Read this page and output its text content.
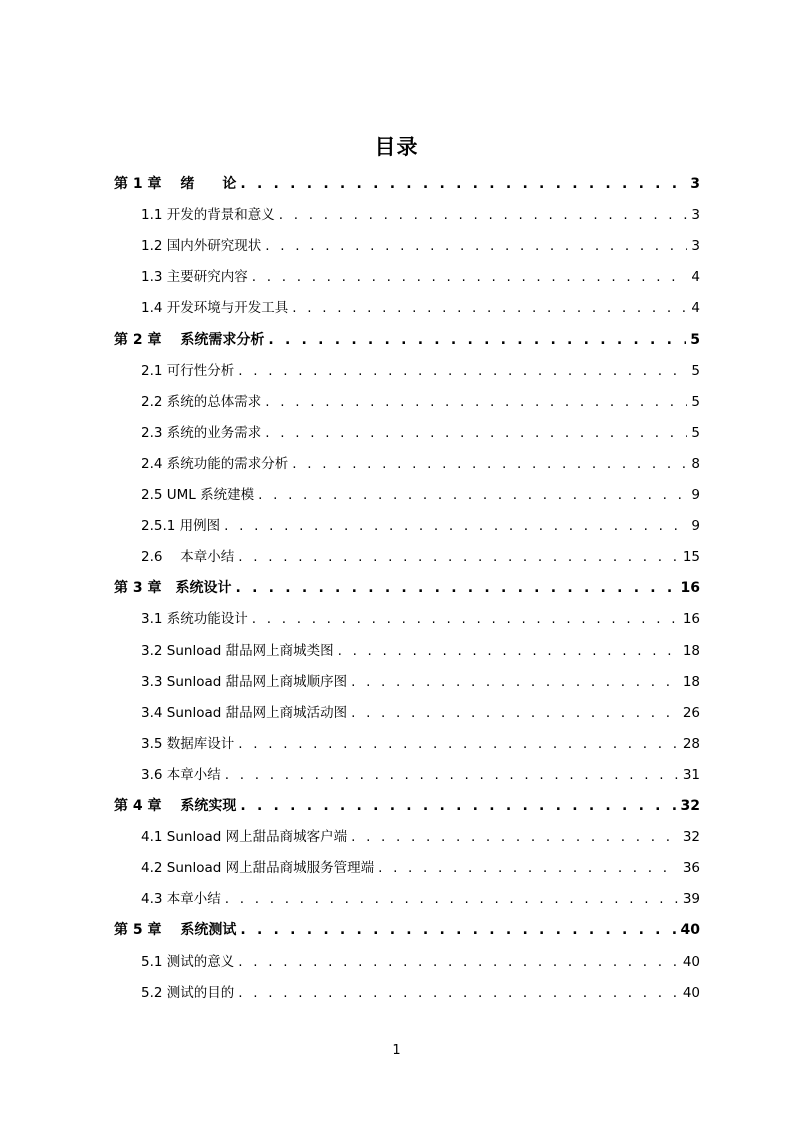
目录
第 1 章　 绪　　论 . . .	3
1.1 开发的背景和意义 . . .	3
1.2 国内外研究现状 . . .	3
1.3 主要研究内容 . . .	4
1.4 开发环境与开发工具 . . .	4
第 2 章　 系统需求分析 . . .	5
2.1 可行性分析 . . .	5
2.2 系统的总体需求 . . .	5
2.3 系统的业务需求 . . .	5
2.4 系统功能的需求分析 . . .	8
2.5 UML 系统建模 . . .	9
2.5.1 用例图 . . .	9
2.6　 本章小结 . . .	15
第 3 章　系统设计 . . .	16
3.1 系统功能设计 . . .	16
3.2 Sunload 甜品网上商城类图 . . .	18
3.3 Sunload 甜品网上商城顺序图 . . .	18
3.4 Sunload 甜品网上商城活动图 . . .	26
3.5 数据库设计 . . .	28
3.6 本章小结 . . .	31
第 4 章　 系统实现 . . .	32
4.1 Sunload 网上甜品商城客户端 . . .	32
4.2 Sunload 网上甜品商城服务管理端 . . .	36
4.3 本章小结 . . .	39
第 5 章　 系统测试 . . .	40
5.1 测试的意义 . . .	40
5.2 测试的目的 . . .	40
1
